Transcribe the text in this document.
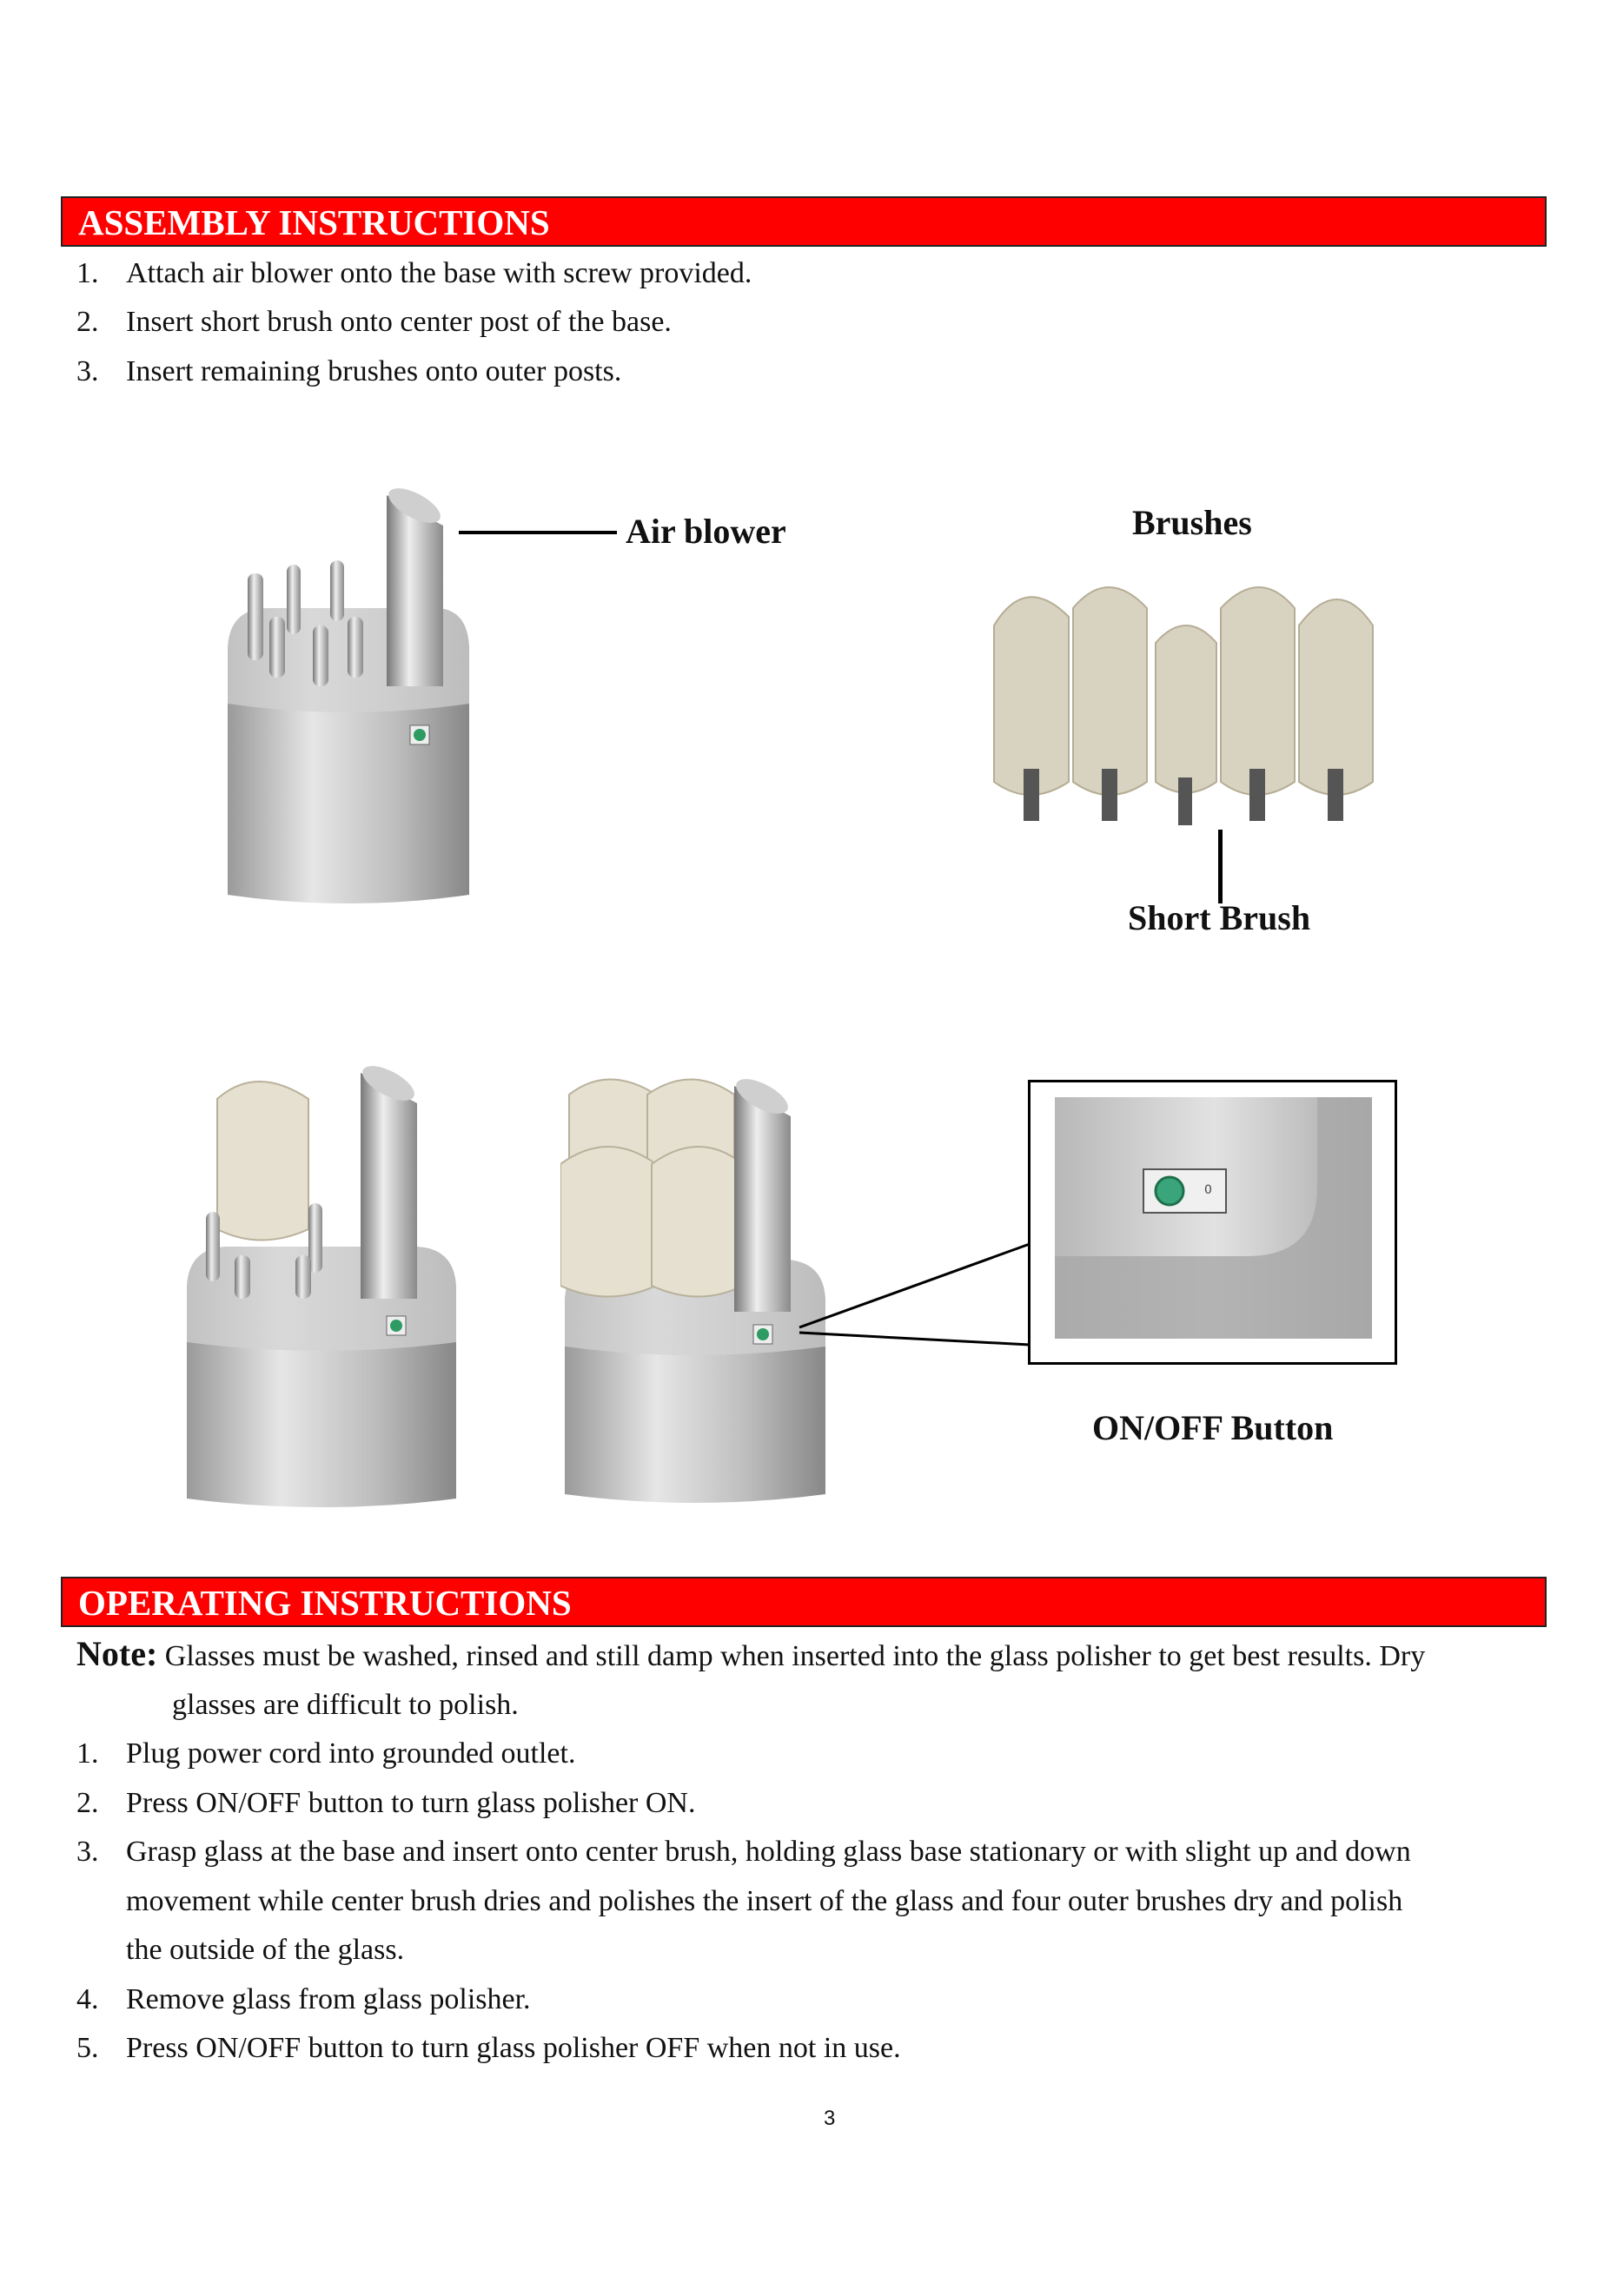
ASSEMBLY INSTRUCTIONS
1. Attach air blower onto the base with screw provided.
2. Insert short brush onto center post of the base.
3. Insert remaining brushes onto outer posts.
Air blower	Brushes
Short Brush
0
ON/OFF Button
OPERATING INSTRUCTIONS
Note: Glasses must be washed, rinsed and still damp when inserted into the glass polisher to get best results. Dry
glasses are difficult to polish.
1. Plug power cord into grounded outlet.
2. Press ON/OFF button to turn glass polisher ON.
3. Grasp glass at the base and insert onto center brush, holding glass base stationary or with slight up and down
movement while center brush dries and polishes the insert of the glass and four outer brushes dry and polish
the outside of the glass.
4. Remove glass from glass polisher.
5. Press ON/OFF button to turn glass polisher OFF when not in use.
3
